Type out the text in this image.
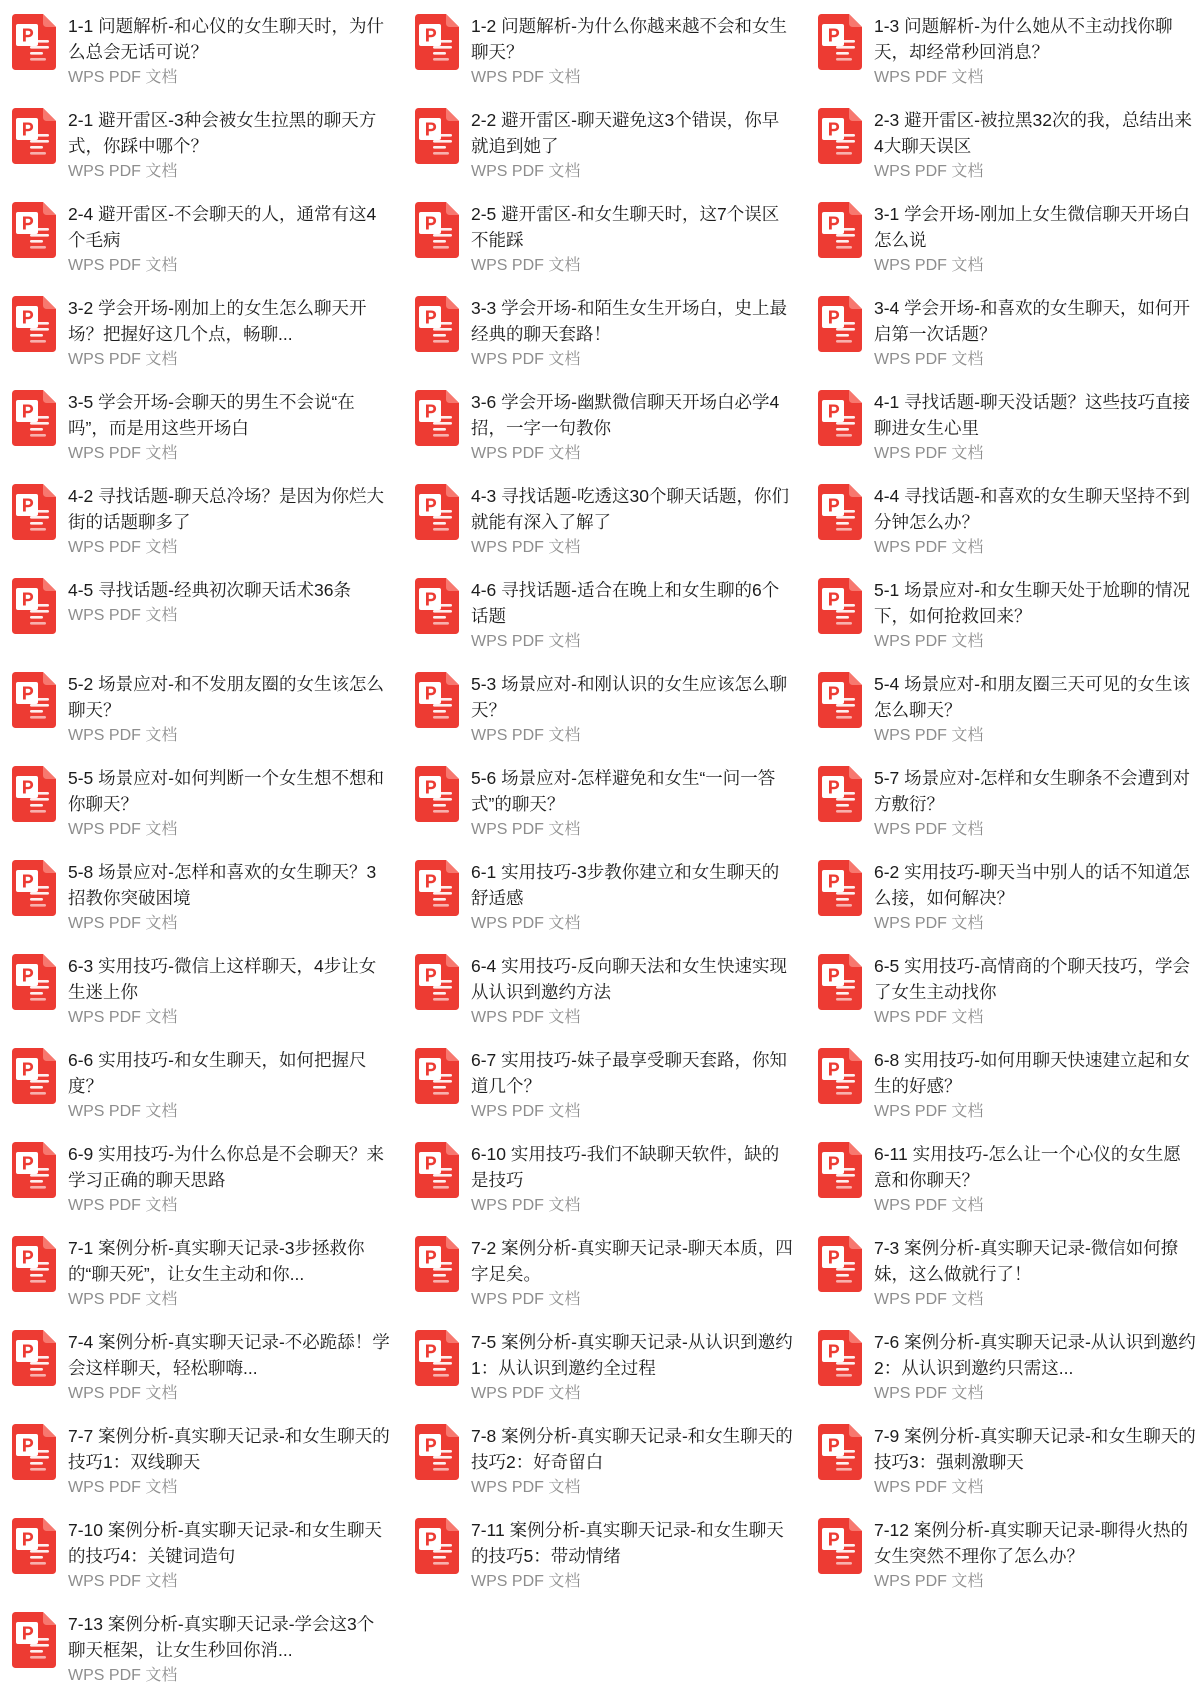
1-1 问题解析-和心仪的女生聊天时，为什么总会无话可说？
WPS PDF 文档
1-2 问题解析-为什么你越来越不会和女生聊天？
WPS PDF 文档
1-3 问题解析-为什么她从不主动找你聊天，却经常秒回消息？
WPS PDF 文档
2-1 避开雷区-3种会被女生拉黑的聊天方式，你踩中哪个？
WPS PDF 文档
2-2 避开雷区-聊天避免这3个错误，你早就追到她了
WPS PDF 文档
2-3 避开雷区-被拉黑32次的我，总结出来4大聊天误区
WPS PDF 文档
2-4 避开雷区-不会聊天的人，通常有这4个毛病
WPS PDF 文档
2-5 避开雷区-和女生聊天时，这7个误区不能踩
WPS PDF 文档
3-1 学会开场-刚加上女生微信聊天开场白怎么说
WPS PDF 文档
3-2 学会开场-刚加上的女生怎么聊天开场？把握好这几个点，畅聊...
WPS PDF 文档
3-3 学会开场-和陌生女生开场白，史上最经典的聊天套路！
WPS PDF 文档
3-4 学会开场-和喜欢的女生聊天，如何开启第一次话题？
WPS PDF 文档
3-5 学会开场-会聊天的男生不会说“在吗”，而是用这些开场白
WPS PDF 文档
3-6 学会开场-幽默微信聊天开场白必学4招，一字一句教你
WPS PDF 文档
4-1 寻找话题-聊天没话题？这些技巧直接聊进女生心里
WPS PDF 文档
4-2 寻找话题-聊天总冷场？是因为你烂大街的话题聊多了
WPS PDF 文档
4-3 寻找话题-吃透这30个聊天话题，你们就能有深入了解了
WPS PDF 文档
4-4 寻找话题-和喜欢的女生聊天坚持不到分钟怎么办？
WPS PDF 文档
4-5 寻找话题-经典初次聊天话术36条
WPS PDF 文档
4-6 寻找话题-适合在晚上和女生聊的6个话题
WPS PDF 文档
5-1 场景应对-和女生聊天处于尬聊的情况下，如何抢救回来？
WPS PDF 文档
5-2 场景应对-和不发朋友圈的女生该怎么聊天？
WPS PDF 文档
5-3 场景应对-和刚认识的女生应该怎么聊天？
WPS PDF 文档
5-4 场景应对-和朋友圈三天可见的女生该怎么聊天？
WPS PDF 文档
5-5 场景应对-如何判断一个女生想不想和你聊天？
WPS PDF 文档
5-6 场景应对-怎样避免和女生“一问一答式”的聊天？
WPS PDF 文档
5-7 场景应对-怎样和女生聊条不会遭到对方敷衍？
WPS PDF 文档
5-8 场景应对-怎样和喜欢的女生聊天？3招教你突破困境
WPS PDF 文档
6-1 实用技巧-3步教你建立和女生聊天的舒适感
WPS PDF 文档
6-2 实用技巧-聊天当中别人的话不知道怎么接，如何解决？
WPS PDF 文档
6-3 实用技巧-微信上这样聊天，4步让女生迷上你
WPS PDF 文档
6-4 实用技巧-反向聊天法和女生快速实现从认识到邀约方法
WPS PDF 文档
6-5 实用技巧-高情商的个聊天技巧，学会了女生主动找你
WPS PDF 文档
6-6 实用技巧-和女生聊天，如何把握尺度？
WPS PDF 文档
6-7 实用技巧-妹子最享受聊天套路，你知道几个？
WPS PDF 文档
6-8 实用技巧-如何用聊天快速建立起和女生的好感？
WPS PDF 文档
6-9 实用技巧-为什么你总是不会聊天？来学习正确的聊天思路
WPS PDF 文档
6-10 实用技巧-我们不缺聊天软件，缺的是技巧
WPS PDF 文档
6-11 实用技巧-怎么让一个心仪的女生愿意和你聊天？
WPS PDF 文档
7-1 案例分析-真实聊天记录-3步拯救你的“聊天死”，让女生主动和你...
WPS PDF 文档
7-2 案例分析-真实聊天记录-聊天本质，四字足矣。
WPS PDF 文档
7-3 案例分析-真实聊天记录-微信如何撩妹，这么做就行了！
WPS PDF 文档
7-4 案例分析-真实聊天记录-不必跪舔！学会这样聊天，轻松聊嗨...
WPS PDF 文档
7-5 案例分析-真实聊天记录-从认识到邀约1：从认识到邀约全过程
WPS PDF 文档
7-6 案例分析-真实聊天记录-从认识到邀约2：从认识到邀约只需这...
WPS PDF 文档
7-7 案例分析-真实聊天记录-和女生聊天的技巧1：双线聊天
WPS PDF 文档
7-8 案例分析-真实聊天记录-和女生聊天的技巧2：好奇留白
WPS PDF 文档
7-9 案例分析-真实聊天记录-和女生聊天的技巧3：强刺激聊天
WPS PDF 文档
7-10 案例分析-真实聊天记录-和女生聊天的技巧4：关键词造句
WPS PDF 文档
7-11 案例分析-真实聊天记录-和女生聊天的技巧5：带动情绪
WPS PDF 文档
7-12 案例分析-真实聊天记录-聊得火热的女生突然不理你了怎么办？
WPS PDF 文档
7-13 案例分析-真实聊天记录-学会这3个聊天框架，让女生秒回你消...
WPS PDF 文档
